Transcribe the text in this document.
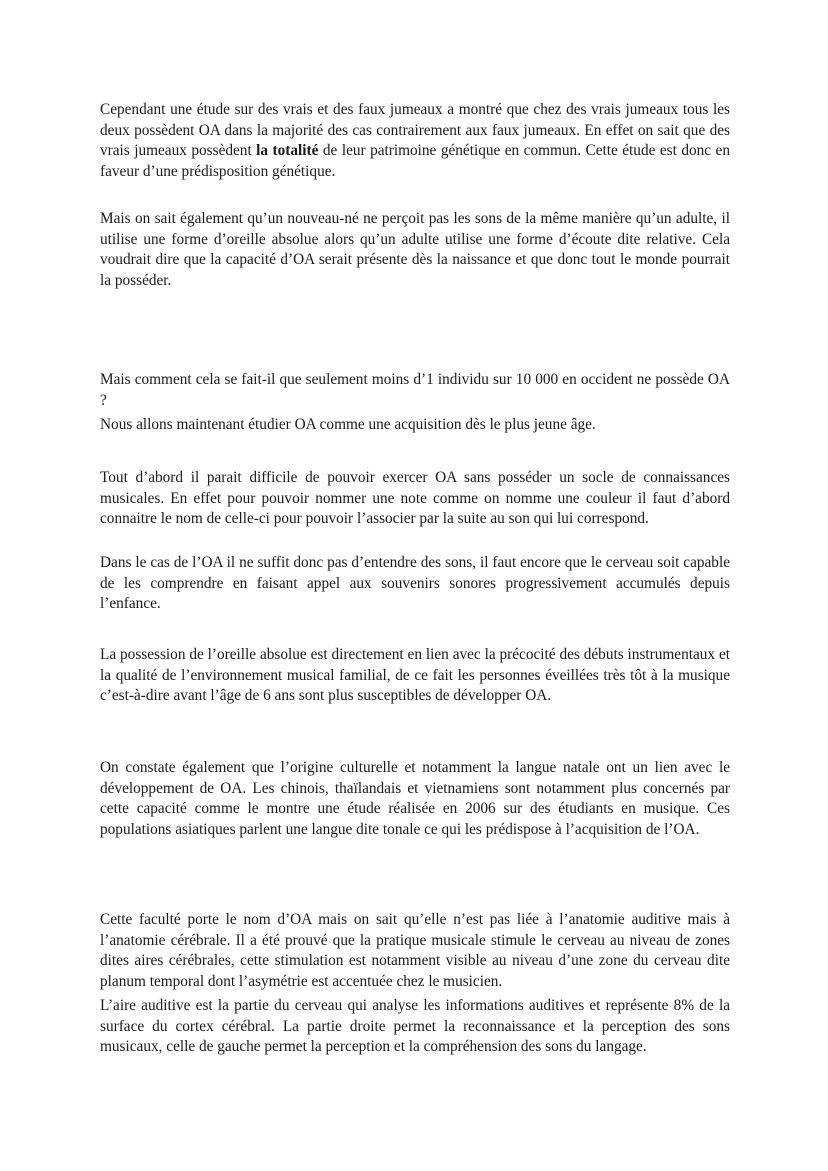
Cependant une étude sur des vrais et des faux jumeaux a montré que chez des vrais jumeaux tous les deux possèdent OA dans la majorité des cas contrairement aux faux jumeaux. En effet on sait que des vrais jumeaux possèdent la totalité de leur patrimoine génétique en commun. Cette étude est donc en faveur d’une prédisposition génétique.

Mais on sait également qu’un nouveau-né ne perçoit pas les sons de la même manière qu’un adulte, il utilise une forme d’oreille absolue alors qu’un adulte utilise une forme d’écoute dite relative. Cela voudrait dire que la capacité d’OA serait présente dès la naissance et que donc tout le monde pourrait la posséder.

Mais comment cela se fait-il que seulement moins d’1 individu sur 10 000 en occident ne possède OA ?

Nous allons maintenant étudier OA comme une acquisition dès le plus jeune âge.

Tout d’abord il parait difficile de pouvoir exercer OA sans posséder un socle de connaissances musicales. En effet pour pouvoir nommer une note comme on nomme une couleur il faut d’abord connaitre le nom de celle-ci pour pouvoir l’associer par la suite au son qui lui correspond.

Dans le cas de l’OA il ne suffit donc pas d’entendre des sons, il faut encore que le cerveau soit capable de les comprendre en faisant appel aux souvenirs sonores progressivement accumulés depuis l’enfance.

La possession de l’oreille absolue est directement en lien avec la précocité des débuts instrumentaux et la qualité de l’environnement musical familial, de ce fait les personnes éveillées très tôt à la musique c’est-à-dire avant l’âge de 6 ans sont plus susceptibles de développer OA.

On constate également que l’origine culturelle et notamment la langue natale ont un lien avec le développement de OA. Les chinois, thaïlandais et vietnamiens sont notamment plus concernés par cette capacité comme le montre une étude réalisée en 2006 sur des étudiants en musique. Ces populations asiatiques parlent une langue dite tonale ce qui les prédispose à l’acquisition de l’OA.

Cette faculté porte le nom d’OA mais on sait qu’elle n’est pas liée à l’anatomie auditive mais à l’anatomie cérébrale. Il a été prouvé que la pratique musicale stimule le cerveau au niveau de zones dites aires cérébrales, cette stimulation est notamment visible au niveau d’une zone du cerveau dite planum temporal dont l’asymétrie est accentuée chez le musicien.

L’aire auditive est la partie du cerveau qui analyse les informations auditives et représente 8% de la surface du cortex cérébral. La partie droite permet la reconnaissance et la perception des sons musicaux, celle de gauche permet la perception et la compréhension des sons du langage.
